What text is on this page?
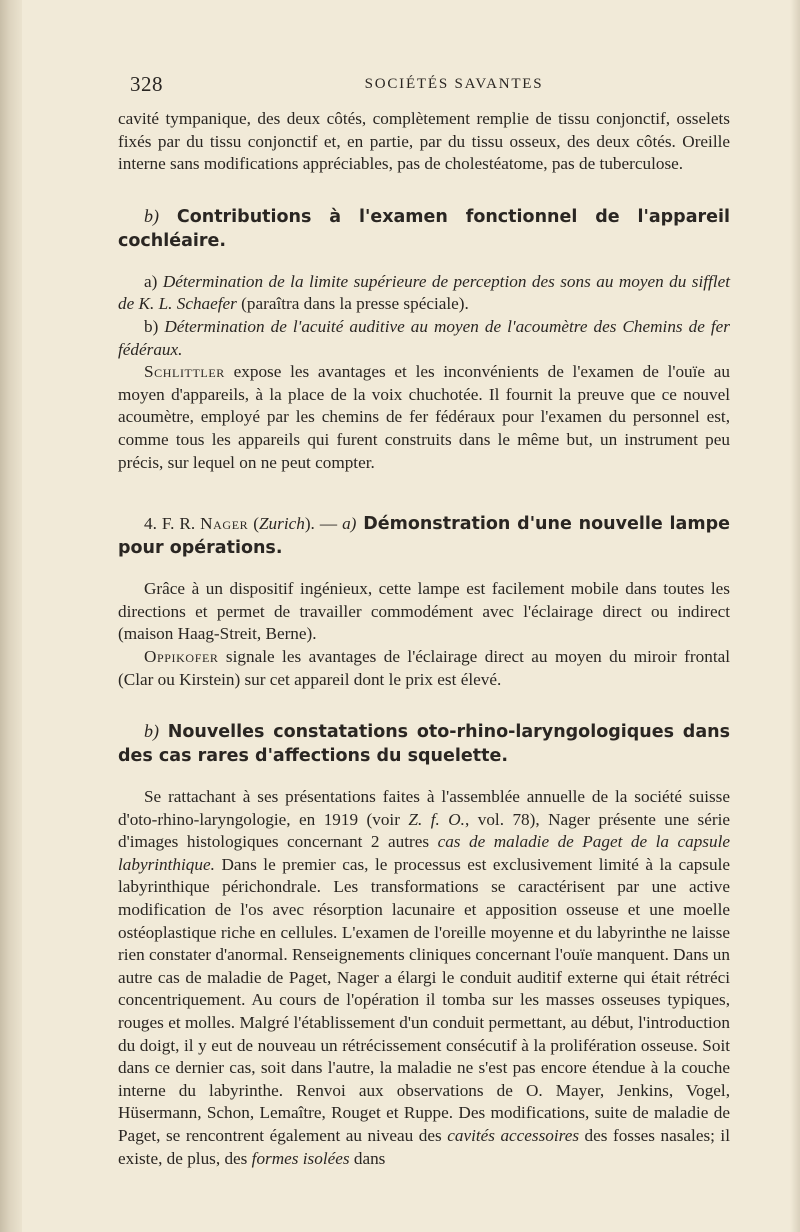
328	SOCIÉTÉS SAVANTES

cavité tympanique, des deux côtés, complètement remplie de tissu conjonctif, osselets fixés par du tissu conjonctif et, en partie, par du tissu osseux, des deux côtés. Oreille interne sans modifications appréciables, pas de cholestéatome, pas de tuberculose.

b) Contributions à l'examen fonctionnel de l'appareil cochléaire.

a) Détermination de la limite supérieure de perception des sons au moyen du sifflet de K. L. Schaefer (paraîtra dans la presse spéciale).

b) Détermination de l'acuité auditive au moyen de l'acoumètre des Chemins de fer fédéraux.

Schlittler expose les avantages et les inconvénients de l'examen de l'ouïe au moyen d'appareils, à la place de la voix chuchotée. Il fournit la preuve que ce nouvel acoumètre, employé par les chemins de fer fédéraux pour l'examen du personnel est, comme tous les appareils qui furent construits dans le même but, un instrument peu précis, sur lequel on ne peut compter.

4. F. R. Nager (Zurich). — a) Démonstration d'une nouvelle lampe pour opérations.

Grâce à un dispositif ingénieux, cette lampe est facilement mobile dans toutes les directions et permet de travailler commodément avec l'éclairage direct ou indirect (maison Haag-Streit, Berne).

Oppikofer signale les avantages de l'éclairage direct au moyen du miroir frontal (Clar ou Kirstein) sur cet appareil dont le prix est élevé.

b) Nouvelles constatations oto-rhino-laryngologiques dans des cas rares d'affections du squelette.

Se rattachant à ses présentations faites à l'assemblée annuelle de la société suisse d'oto-rhino-laryngologie, en 1919 (voir Z. f. O., vol. 78), Nager présente une série d'images histologiques concernant 2 autres cas de maladie de Paget de la capsule labyrinthique. Dans le premier cas, le processus est exclusivement limité à la capsule labyrinthique périchondrale. Les transformations se caractérisent par une active modification de l'os avec résorption lacunaire et apposition osseuse et une moelle ostéoplastique riche en cellules. L'examen de l'oreille moyenne et du labyrinthe ne laisse rien constater d'anormal. Renseignements cliniques concernant l'ouïe manquent. Dans un autre cas de maladie de Paget, Nager a élargi le conduit auditif externe qui était rétréci concentriquement. Au cours de l'opération il tomba sur les masses osseuses typiques, rouges et molles. Malgré l'établissement d'un conduit permettant, au début, l'introduction du doigt, il y eut de nouveau un rétrécissement consécutif à la prolifération osseuse. Soit dans ce dernier cas, soit dans l'autre, la maladie ne s'est pas encore étendue à la couche interne du labyrinthe. Renvoi aux observations de O. Mayer, Jenkins, Vogel, Hüsermann, Schon, Lemaître, Rouget et Ruppe. Des modifications, suite de maladie de Paget, se rencontrent également au niveau des cavités accessoires des fosses nasales; il existe, de plus, des formes isolées dans
